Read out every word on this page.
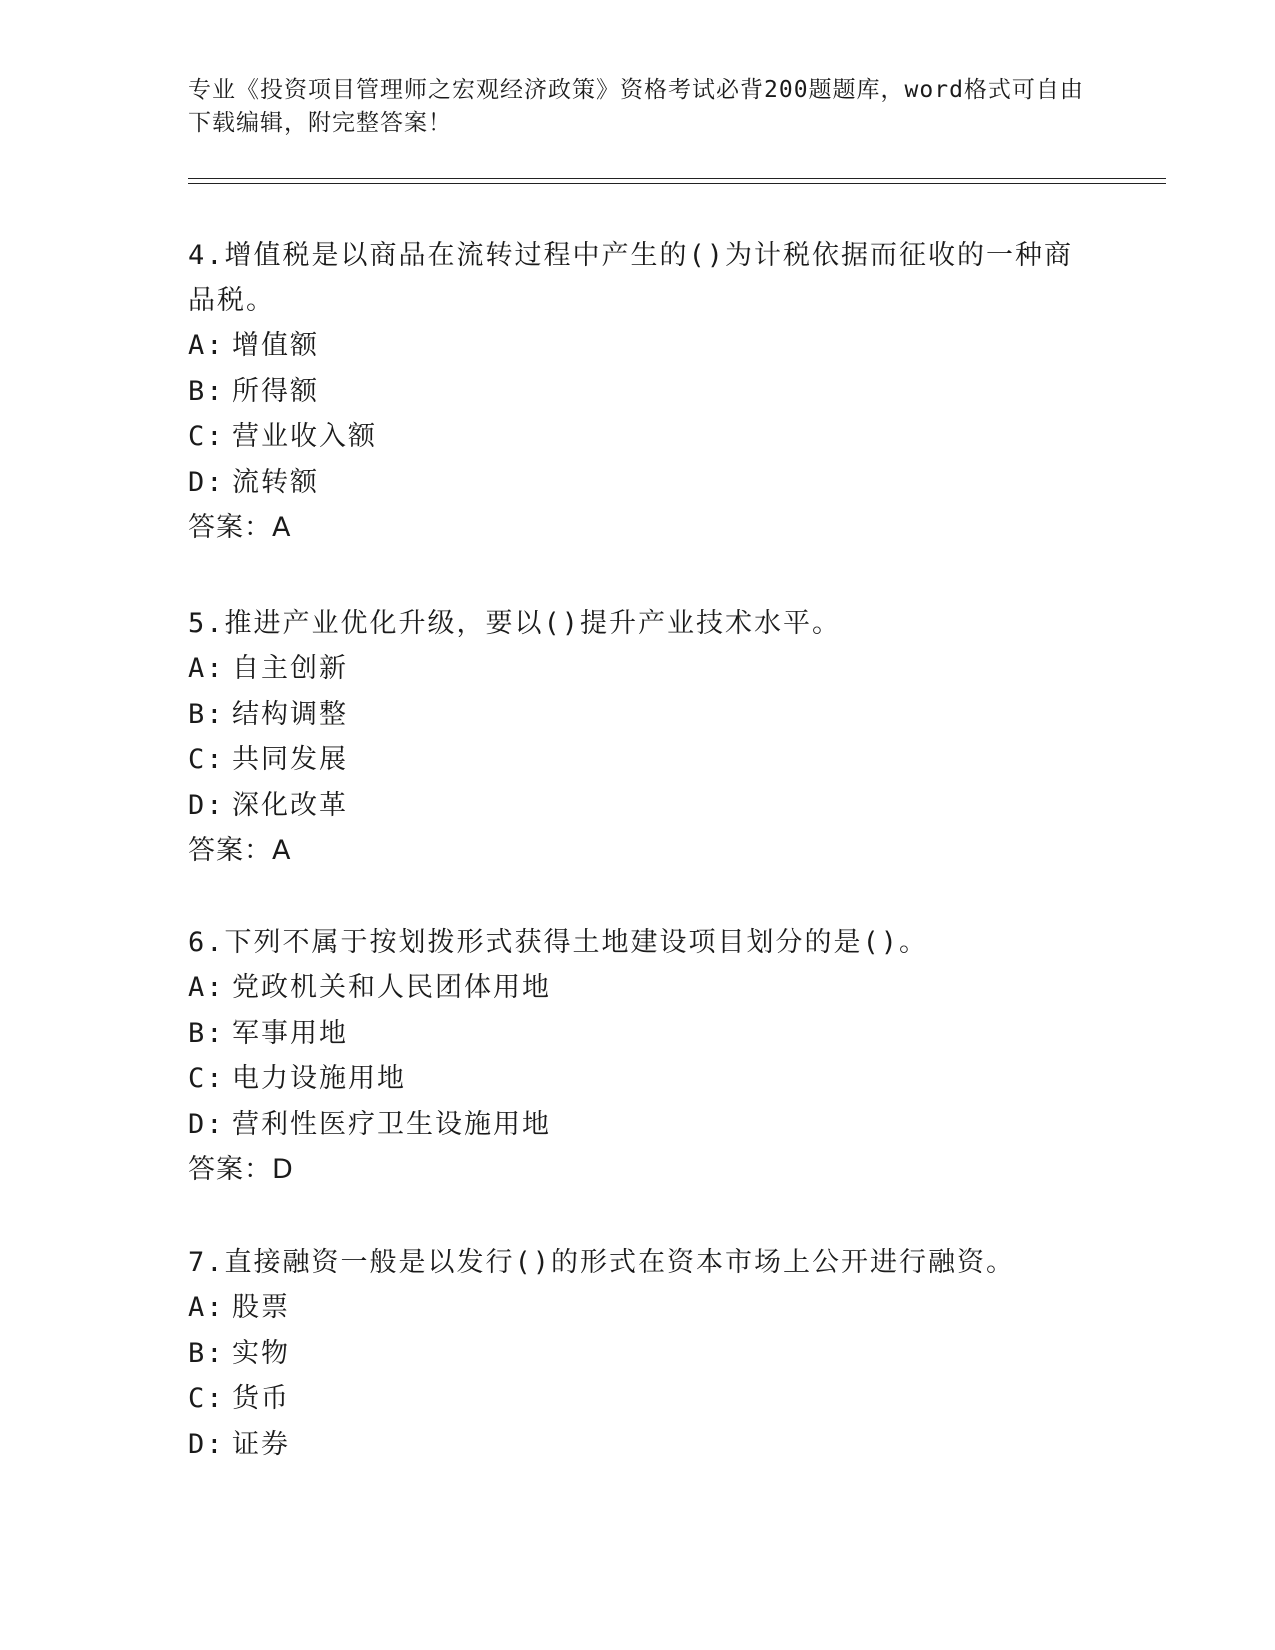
专业《投资项目管理师之宏观经济政策》资格考试必背200题题库，word格式可自由下载编辑，附完整答案！

4.增值税是以商品在流转过程中产生的()为计税依据而征收的一种商品税。

A: 增值额
B: 所得额
C: 营业收入额
D: 流转额
答案：A

5.推进产业优化升级，要以()提升产业技术水平。

A: 自主创新
B: 结构调整
C: 共同发展
D: 深化改革
答案：A

6.下列不属于按划拨形式获得土地建设项目划分的是()。

A: 党政机关和人民团体用地
B: 军事用地
C: 电力设施用地
D: 营利性医疗卫生设施用地
答案：D

7.直接融资一般是以发行()的形式在资本市场上公开进行融资。

A: 股票
B: 实物
C: 货币
D: 证券
